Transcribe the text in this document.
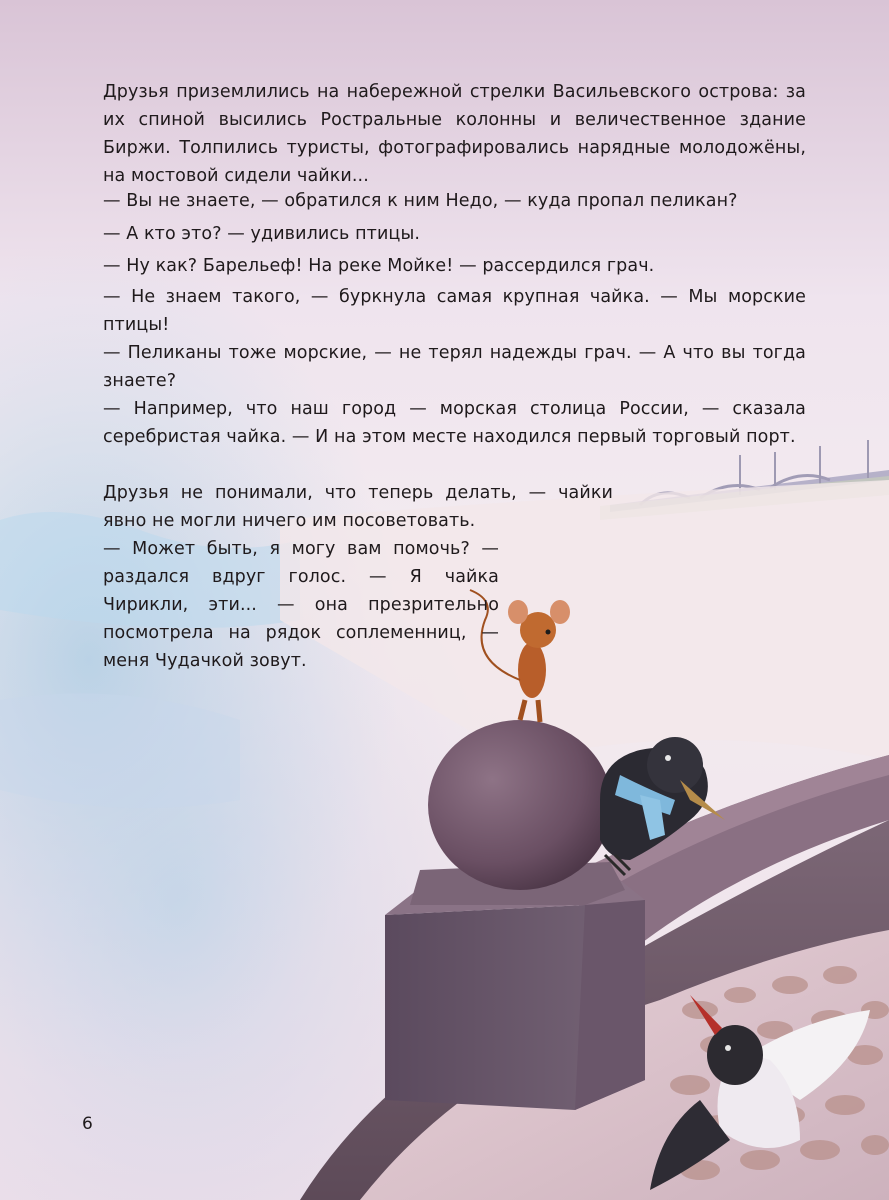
Друзья приземлились на набережной стрелки Васильевского острова: за их спиной высились Ростральные колонны и величественное здание Биржи. Толпились туристы, фотографировались нарядные молодожёны, на мостовой сидели чайки...

— Вы не знаете, — обратился к ним Недо, — куда пропал пеликан?

— А кто это? — удивились птицы.

— Ну как? Барельеф! На реке Мойке! — рассердился грач.

— Не знаем такого, — буркнула самая крупная чайка. — Мы морские птицы!

— Пеликаны тоже морские, — не терял надежды грач. — А что вы тогда знаете?

— Например, что наш город — морская столица России, — сказала серебристая чайка. — И на этом месте находился первый торговый порт.

Друзья не понимали, что теперь делать, — чайки явно не могли ничего им посоветовать.

— Может быть, я могу вам помочь? — раздался вдруг голос. — Я чайка Чирикли, эти... — она презрительно посмотрела на рядок соплеменниц, — меня Чудачкой зовут.

6
